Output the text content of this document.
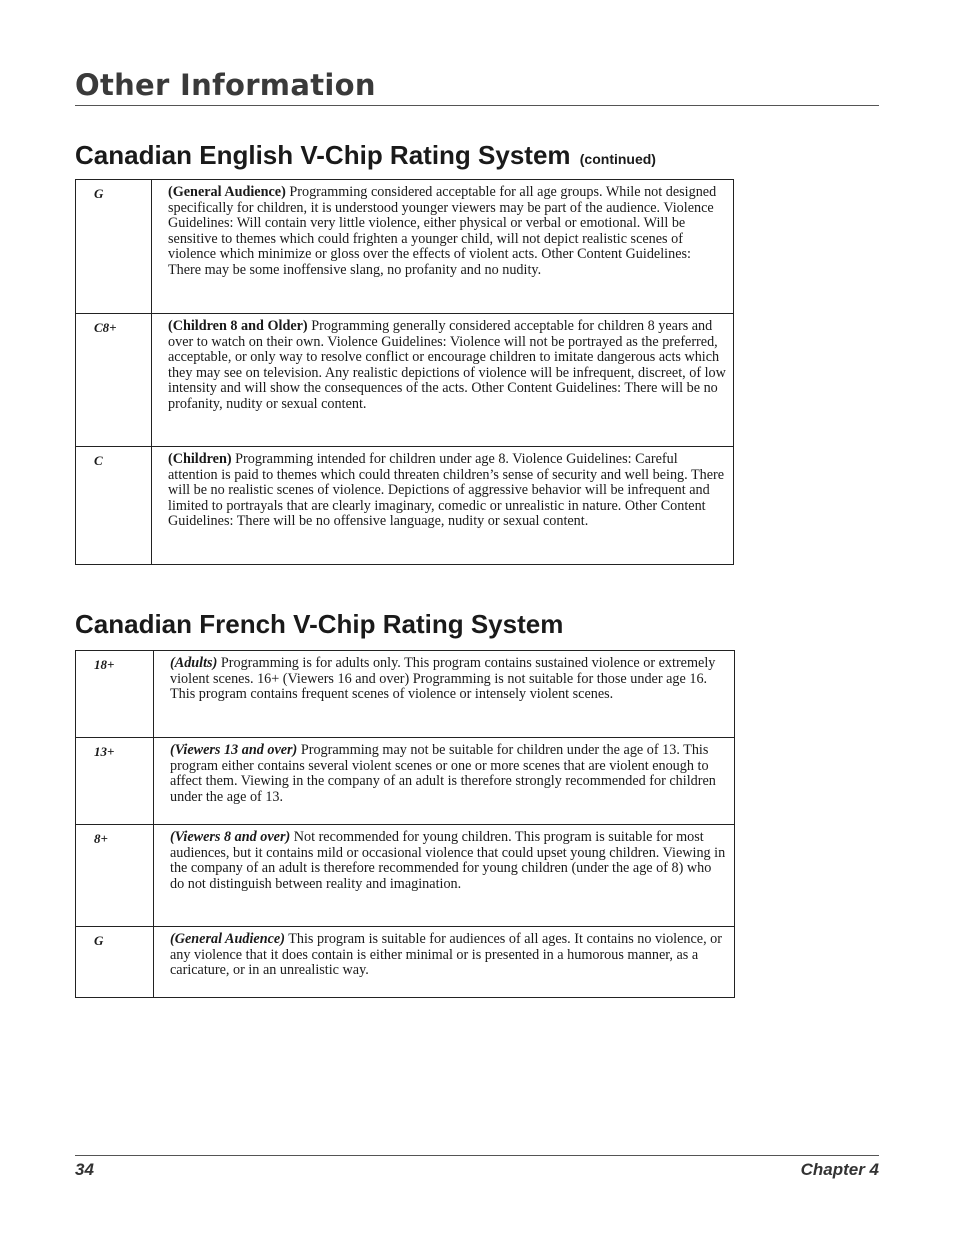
Other Information
Canadian English V-Chip Rating System (continued)
G	(General Audience) Programming considered acceptable for all age groups. While not designed specifically for children, it is understood younger viewers may be part of the audience. Violence Guidelines: Will contain very little violence, either physical or verbal or emotional. Will be sensitive to themes which could frighten a younger child, will not depict realistic scenes of violence which minimize or gloss over the effects of violent acts. Other Content Guidelines: There may be some inoffensive slang, no profanity and no nudity.
C8+	(Children 8 and Older) Programming generally considered acceptable for children 8 years and over to watch on their own. Violence Guidelines: Violence will not be portrayed as the preferred, acceptable, or only way to resolve conflict or encourage children to imitate dangerous acts which they may see on television. Any realistic depictions of violence will be infrequent, discreet, of low intensity and will show the consequences of the acts. Other Content Guidelines: There will be no profanity, nudity or sexual content.
C	(Children) Programming intended for children under age 8. Violence Guidelines: Careful attention is paid to themes which could threaten children’s sense of security and well being. There will be no realistic scenes of violence. Depictions of aggressive behavior will be infrequent and limited to portrayals that are clearly imaginary, comedic or unrealistic in nature. Other Content Guidelines: There will be no offensive language, nudity or sexual content.
Canadian French V-Chip Rating System
18+	(Adults) Programming is for adults only. This program contains sustained violence or extremely violent scenes. 16+ (Viewers 16 and over) Programming is not suitable for those under age 16. This program contains frequent scenes of violence or intensely violent scenes.
13+	(Viewers 13 and over) Programming may not be suitable for children under the age of 13. This program either contains several violent scenes or one or more scenes that are violent enough to affect them. Viewing in the company of an adult is therefore strongly recommended for children under the age of 13.
8+	(Viewers 8 and over) Not recommended for young children. This program is suitable for most audiences, but it contains mild or occasional violence that could upset young children. Viewing in the company of an adult is therefore recommended for young children (under the age of 8) who do not distinguish between reality and imagination.
G	(General Audience) This program is suitable for audiences of all ages. It contains no violence, or any violence that it does contain is either minimal or is presented in a humorous manner, as a caricature, or in an unrealistic way.
34	Chapter 4
